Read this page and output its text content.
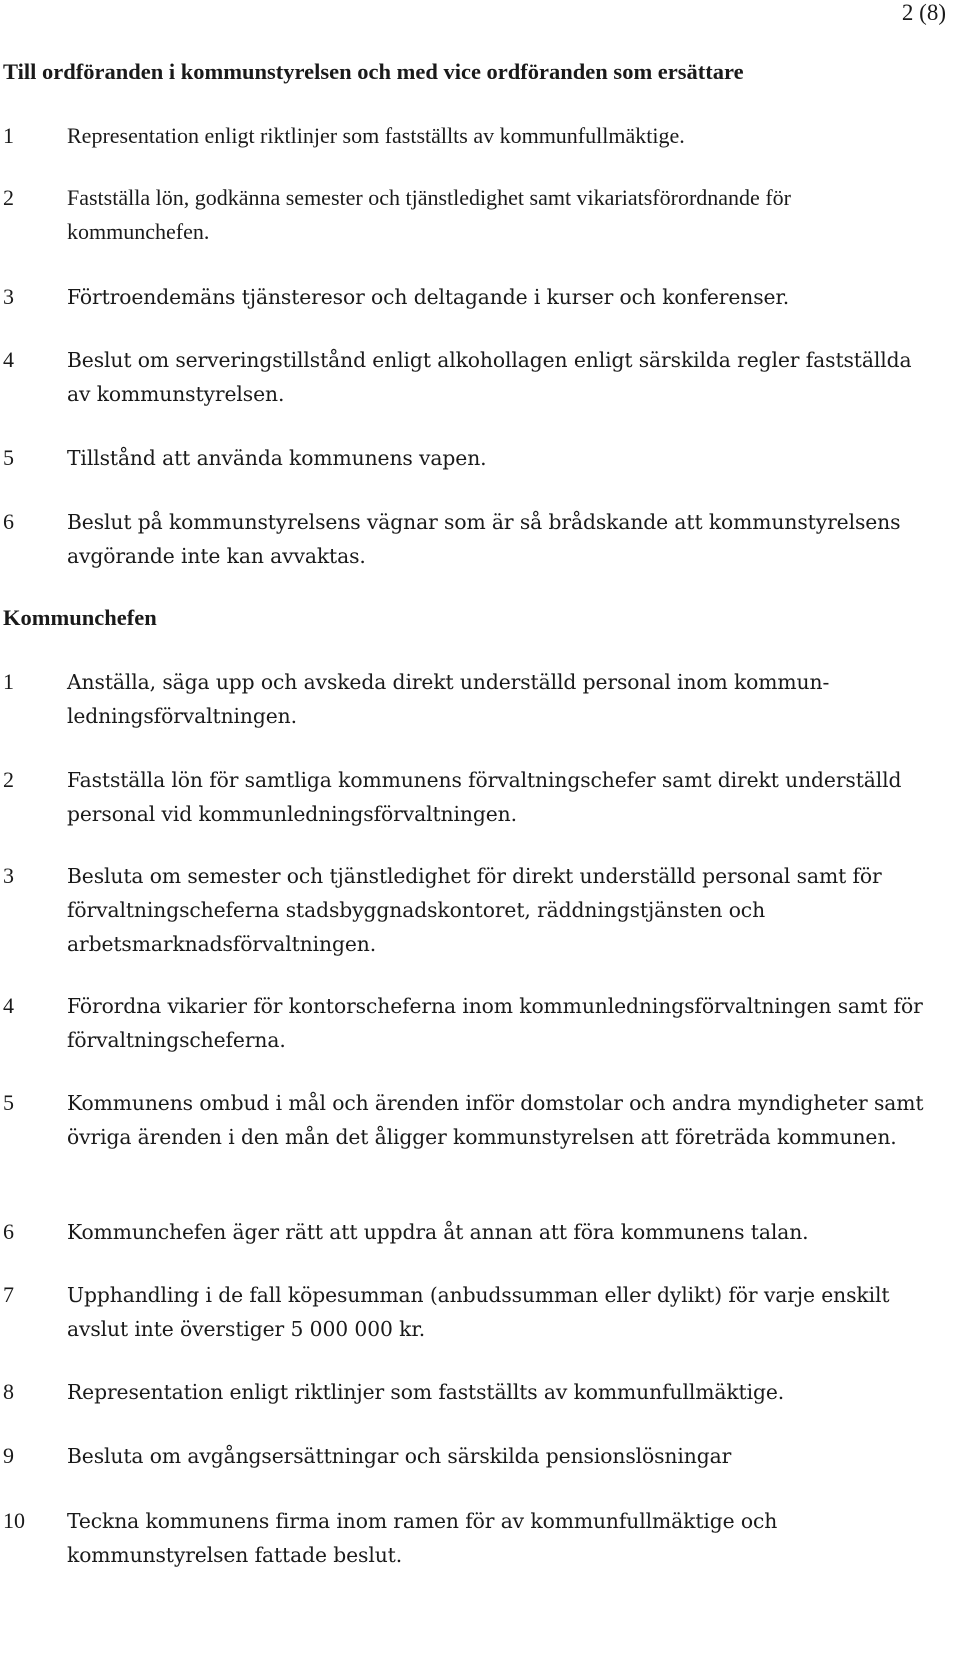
2 (8)
Till ordföranden i kommunstyrelsen och med vice ordföranden som ersättare
1 Representation enligt riktlinjer som fastställts av kommunfullmäktige.
2 Fastställa lön, godkänna semester och tjänstledighet samt vikariatsförordnande för kommunchefen.
3	Förtroendemäns tjänsteresor och deltagande i kurser och konferenser.
4	Beslut om serveringstillstånd enligt alkohollagen enligt särskilda regler fastställda av kommunstyrelsen.
5	Tillstånd att använda kommunens vapen.
6	Beslut på kommunstyrelsens vägnar som är så brådskande att kommunstyrelsens avgörande inte kan avvaktas.
Kommunchefen
1	Anställa, säga upp och avskeda direkt underställd personal inom kommun-ledningsförvaltningen.
2	Fastställa lön för samtliga kommunens förvaltningschefer samt direkt underställd personal vid kommunledningsförvaltningen.
3	Besluta om semester och tjänstledighet för direkt underställd personal samt för förvaltningscheferna stadsbyggnadskontoret, räddningstjänsten och arbetsmarknadsförvaltningen.
4	Förordna vikarier för kontorscheferna inom kommunledningsförvaltningen samt för förvaltningscheferna.
5	Kommunens ombud i mål och ärenden inför domstolar och andra myndigheter samt övriga ärenden i den mån det åligger kommunstyrelsen att företräda kommunen.
6	Kommunchefen äger rätt att uppdra åt annan att föra kommunens talan.
7	Upphandling i de fall köpesumman (anbudssumman eller dylikt) för varje enskilt avslut inte överstiger 5 000 000 kr.
8	Representation enligt riktlinjer som fastställts av kommunfullmäktige.
9	Besluta om avgångsersättningar och särskilda pensionslösningar
10 Teckna kommunens firma inom ramen för av kommunfullmäktige och kommunstyrelsen fattade beslut.
